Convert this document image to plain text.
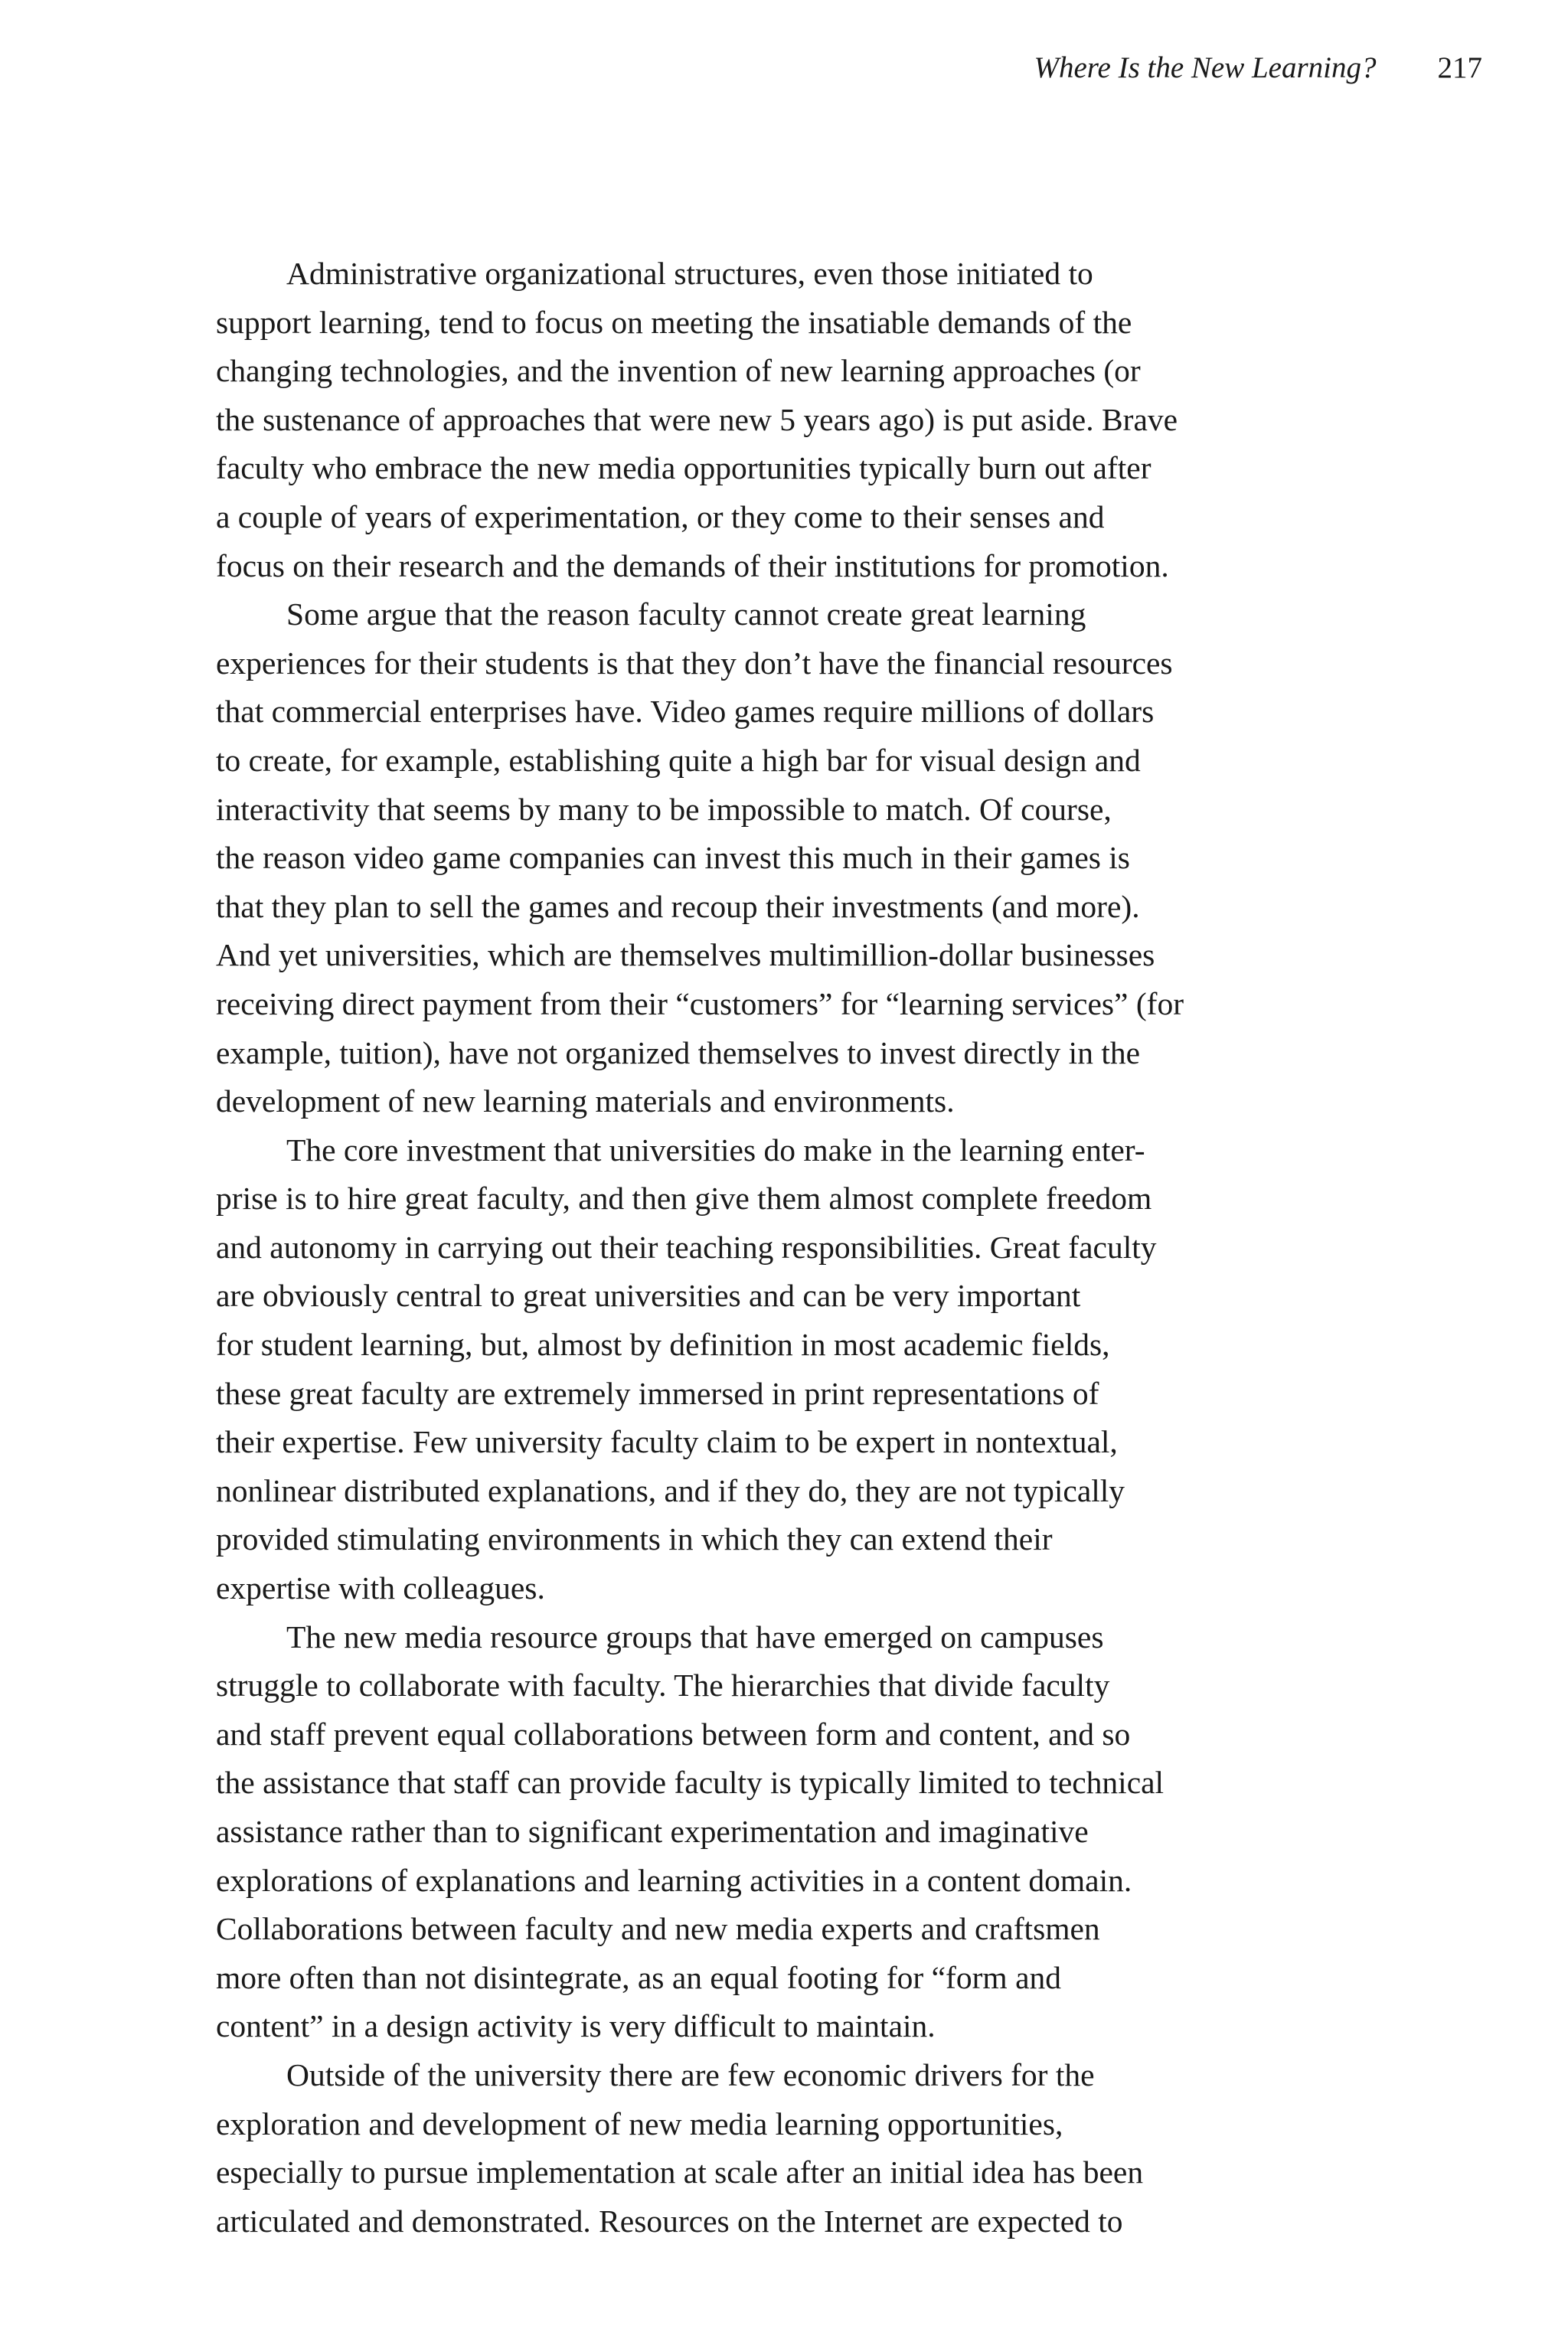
Where Is the New Learning? 217
Administrative organizational structures, even those initiated to
support learning, tend to focus on meeting the insatiable demands of the
changing technologies, and the invention of new learning approaches (or
the sustenance of approaches that were new 5 years ago) is put aside. Brave
faculty who embrace the new media opportunities typically burn out after
a couple of years of experimentation, or they come to their senses and
focus on their research and the demands of their institutions for promotion.
Some argue that the reason faculty cannot create great learning
experiences for their students is that they don’t have the financial resources
that commercial enterprises have. Video games require millions of dollars
to create, for example, establishing quite a high bar for visual design and
interactivity that seems by many to be impossible to match. Of course,
the reason video game companies can invest this much in their games is
that they plan to sell the games and recoup their investments (and more).
And yet universities, which are themselves multimillion-dollar businesses
receiving direct payment from their “customers” for “learning services” (for
example, tuition), have not organized themselves to invest directly in the
development of new learning materials and environments.
The core investment that universities do make in the learning enter-
prise is to hire great faculty, and then give them almost complete freedom
and autonomy in carrying out their teaching responsibilities. Great faculty
are obviously central to great universities and can be very important
for student learning, but, almost by definition in most academic fields,
these great faculty are extremely immersed in print representations of
their expertise. Few university faculty claim to be expert in nontextual,
nonlinear distributed explanations, and if they do, they are not typically
provided stimulating environments in which they can extend their
expertise with colleagues.
The new media resource groups that have emerged on campuses
struggle to collaborate with faculty. The hierarchies that divide faculty
and staff prevent equal collaborations between form and content, and so
the assistance that staff can provide faculty is typically limited to technical
assistance rather than to significant experimentation and imaginative
explorations of explanations and learning activities in a content domain.
Collaborations between faculty and new media experts and craftsmen
more often than not disintegrate, as an equal footing for “form and
content” in a design activity is very difficult to maintain.
Outside of the university there are few economic drivers for the
exploration and development of new media learning opportunities,
especially to pursue implementation at scale after an initial idea has been
articulated and demonstrated. Resources on the Internet are expected to
